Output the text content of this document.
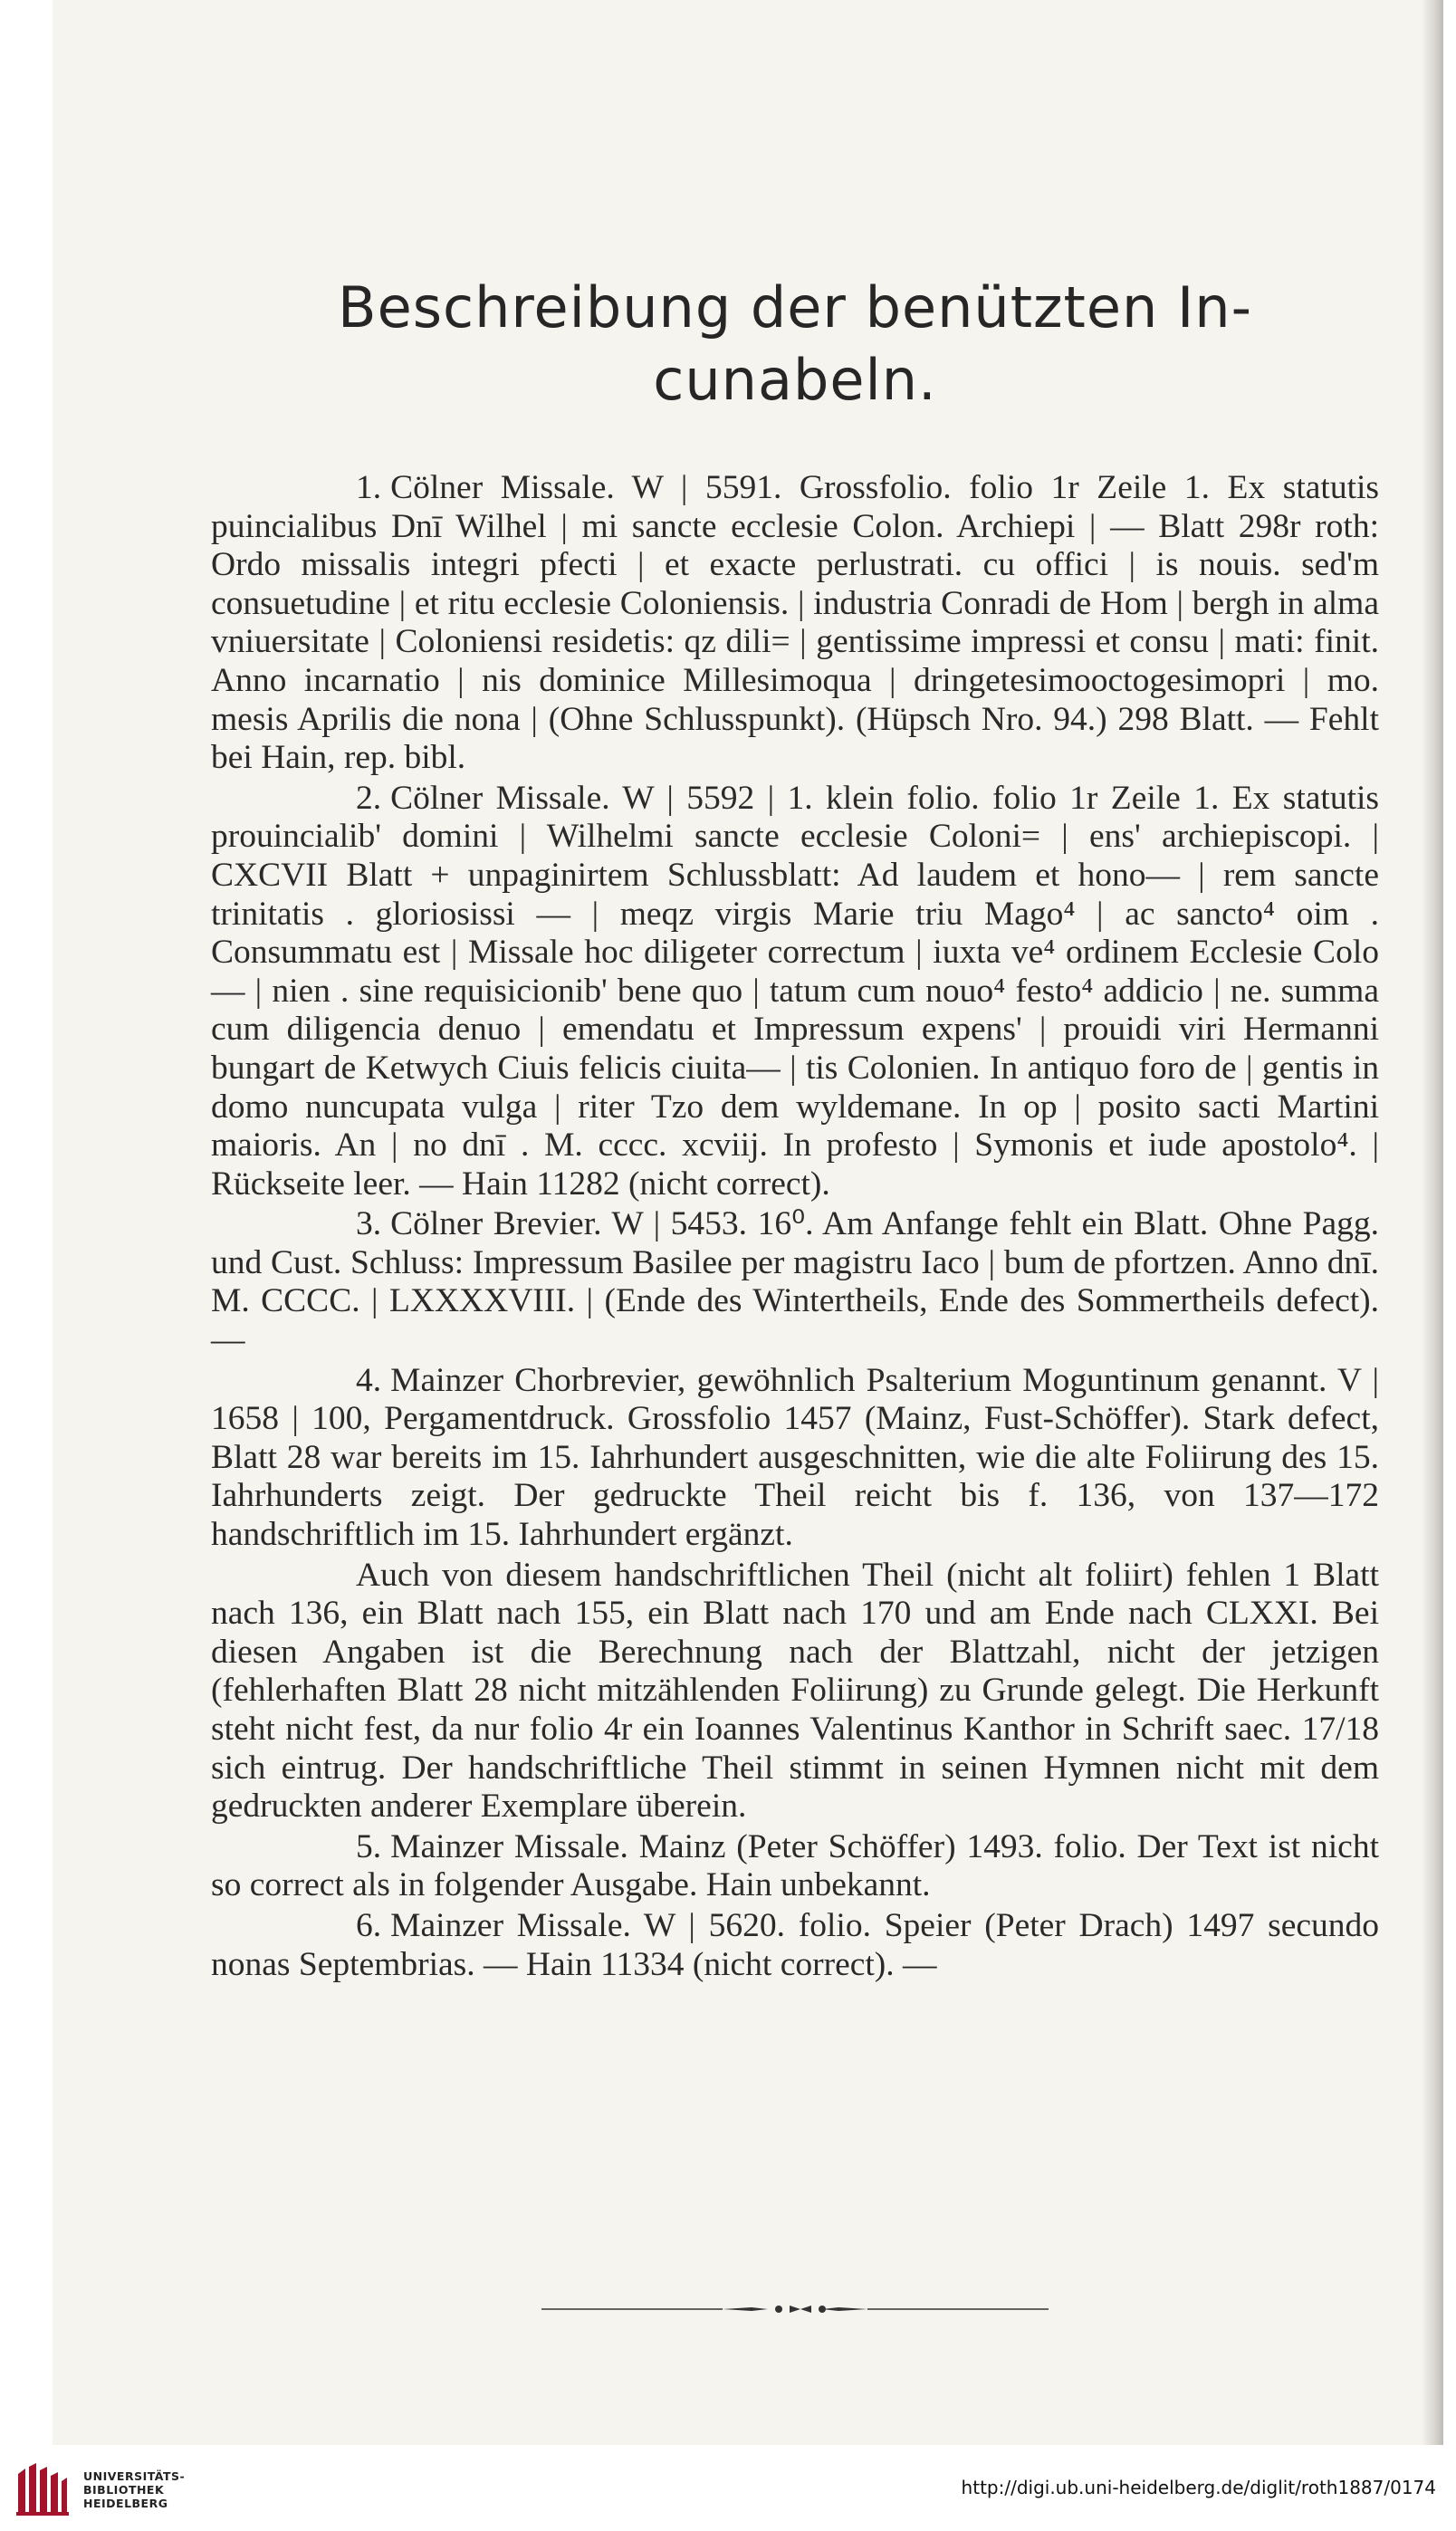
Beschreibung der benützten In-
cunabeln.

1. Cölner Missale. W | 5591. Grossfolio. folio 1r Zeile 1. Ex statutis puincialibus Dnī Wilhel | mi sancte ecclesie Colon. Archiepi | — Blatt 298r roth: Ordo missalis integri pfecti | et exacte perlustrati. cu offici | is nouis. sed'm consuetudine | et ritu ecclesie Coloniensis. | industria Conradi de Hom | bergh in alma vniuersitate | Coloniensi residetis: qz dili= | gentissime impressi et consu | mati: finit. Anno incarnatio | nis dominice Millesimoqua | dringetesimooctogesimopri | mo. mesis Aprilis die nona | (Ohne Schlusspunkt). (Hüpsch Nro. 94.) 298 Blatt. — Fehlt bei Hain, rep. bibl.

2. Cölner Missale. W | 5592 | 1. klein folio. folio 1r Zeile 1. Ex statutis prouincialib' domini | Wilhelmi sancte ecclesie Coloni= | ens' archiepiscopi. | CXCVII Blatt + unpaginirtem Schlussblatt: Ad laudem et hono— | rem sancte trinitatis . gloriosissi — | meqz virgis Marie triu Mago⁴ | ac sancto⁴ oim . Consummatu est | Missale hoc diligeter correctum | iuxta ve⁴ ordinem Ecclesie Colo— | nien . sine requisicionib' bene quo | tatum cum nouo⁴ festo⁴ addicio | ne. summa cum diligencia denuo | emendatu et Impressum expens' | prouidi viri Hermanni bungart de Ketwych Ciuis felicis ciuita— | tis Colonien. In antiquo foro de | gentis in domo nuncupata vulga | riter Tzo dem wyldemane. In op | posito sacti Martini maioris. An | no dnī . M. cccc. xcviij. In profesto | Symonis et iude apostolo⁴. | Rückseite leer. — Hain 11282 (nicht correct).

3. Cölner Brevier. W | 5453. 16⁰. Am Anfange fehlt ein Blatt. Ohne Pagg. und Cust. Schluss: Impressum Basilee per magistru Iaco | bum de pfortzen. Anno dnī. M. CCCC. | LXXXXVIII. | (Ende des Wintertheils, Ende des Sommertheils defect). —

4. Mainzer Chorbrevier, gewöhnlich Psalterium Moguntinum genannt. V | 1658 | 100, Pergamentdruck. Grossfolio 1457 (Mainz, Fust-Schöffer). Stark defect, Blatt 28 war bereits im 15. Iahrhundert ausgeschnitten, wie die alte Foliirung des 15. Iahrhunderts zeigt. Der gedruckte Theil reicht bis f. 136, von 137—172 handschriftlich im 15. Iahrhundert ergänzt.

Auch von diesem handschriftlichen Theil (nicht alt foliirt) fehlen 1 Blatt nach 136, ein Blatt nach 155, ein Blatt nach 170 und am Ende nach CLXXI. Bei diesen Angaben ist die Berechnung nach der Blattzahl, nicht der jetzigen (fehlerhaften Blatt 28 nicht mitzählenden Foliirung) zu Grunde gelegt. Die Herkunft steht nicht fest, da nur folio 4r ein Ioannes Valentinus Kanthor in Schrift saec. 17/18 sich eintrug. Der handschriftliche Theil stimmt in seinen Hymnen nicht mit dem gedruckten anderer Exemplare überein.

5. Mainzer Missale. Mainz (Peter Schöffer) 1493. folio. Der Text ist nicht so correct als in folgender Ausgabe. Hain unbekannt.

6. Mainzer Missale. W | 5620. folio. Speier (Peter Drach) 1497 secundo nonas Septembrias. — Hain 11334 (nicht correct). —

UNIVERSITÄTS-
BIBLIOTHEK
HEIDELBERG
http://digi.ub.uni-heidelberg.de/diglit/roth1887/0174
